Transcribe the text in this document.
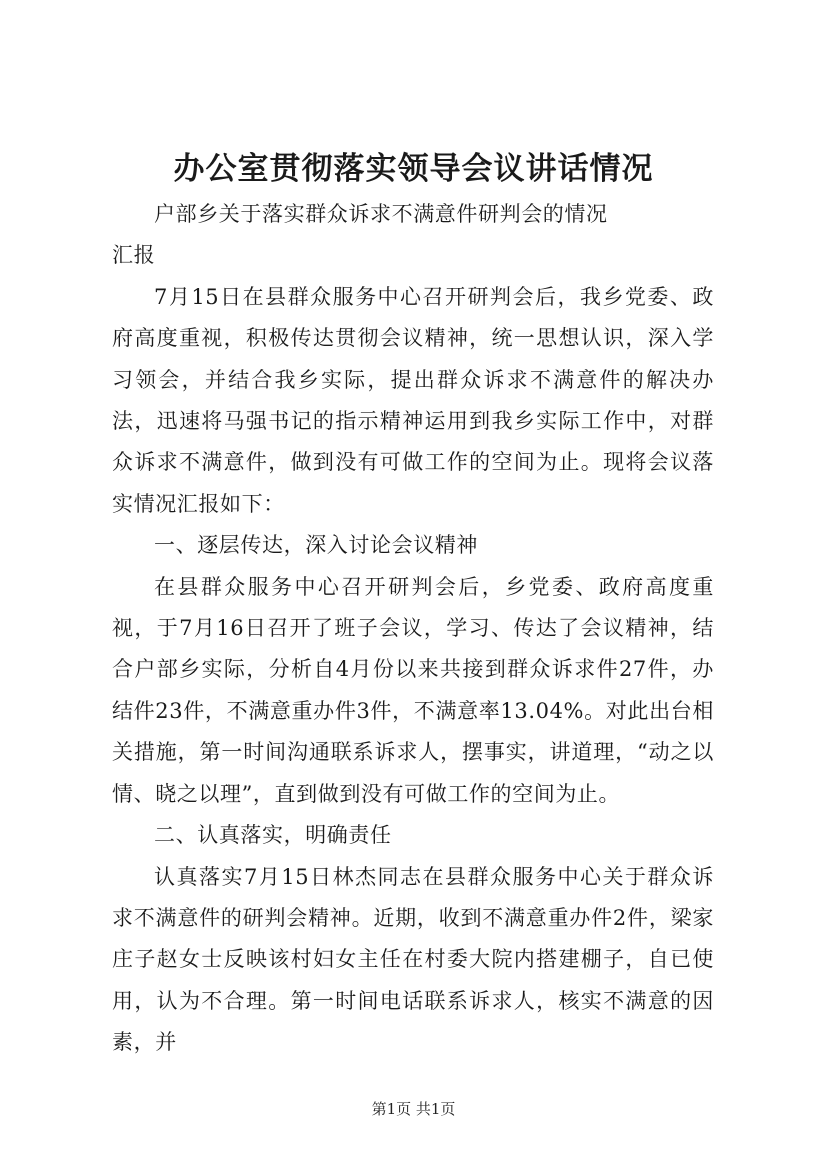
办公室贯彻落实领导会议讲话情况

户部乡关于落实群众诉求不满意件研判会的情况

汇报

7月15日在县群众服务中心召开研判会后，我乡党委、政府高度重视，积极传达贯彻会议精神，统一思想认识，深入学习领会，并结合我乡实际，提出群众诉求不满意件的解决办法，迅速将马强书记的指示精神运用到我乡实际工作中，对群众诉求不满意件，做到没有可做工作的空间为止。现将会议落实情况汇报如下：

一、逐层传达，深入讨论会议精神

在县群众服务中心召开研判会后，乡党委、政府高度重视，于7月16日召开了班子会议，学习、传达了会议精神，结合户部乡实际，分析自4月份以来共接到群众诉求件27件，办结件23件，不满意重办件3件，不满意率13.04%。对此出台相关措施，第一时间沟通联系诉求人，摆事实，讲道理，“动之以情、晓之以理”，直到做到没有可做工作的空间为止。

二、认真落实，明确责任

认真落实7月15日林杰同志在县群众服务中心关于群众诉求不满意件的研判会精神。近期，收到不满意重办件2件，梁家庄子赵女士反映该村妇女主任在村委大院内搭建棚子，自已使用，认为不合理。第一时间电话联系诉求人，核实不满意的因素，并

第1页 共1页
